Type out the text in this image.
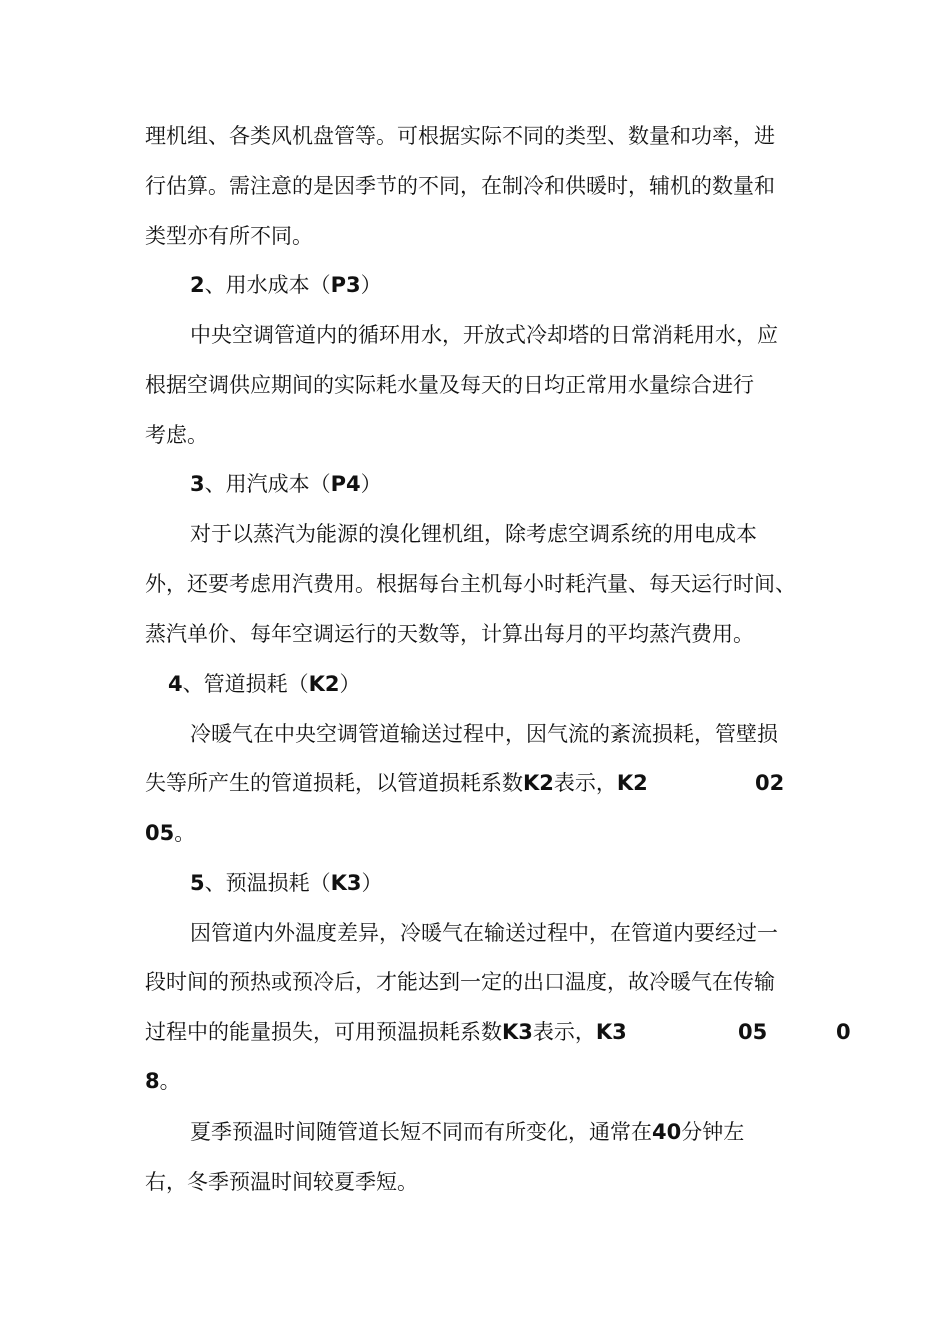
理机组、各类风机盘管等。可根据实际不同的类型、数量和功率，进
行估算。需注意的是因季节的不同，在制冷和供暖时，辅机的数量和
类型亦有所不同。
2、用水成本（P3）
中央空调管道内的循环用水，开放式冷却塔的日常消耗用水，应
根据空调供应期间的实际耗水量及每天的日均正常用水量综合进行
考虑。
3、用汽成本（P4）
对于以蒸汽为能源的溴化锂机组，除考虑空调系统的用电成本
外，还要考虑用汽费用。根据每台主机每小时耗汽量、每天运行时间、
蒸汽单价、每年空调运行的天数等，计算出每月的平均蒸汽费用。
4、管道损耗（K2）
冷暖气在中央空调管道输送过程中，因气流的紊流损耗，管壁损
失等所产生的管道损耗，以管道损耗系数K2表示，K2	02
05。
5、预温损耗（K3）
因管道内外温度差异，冷暖气在输送过程中，在管道内要经过一
段时间的预热或预冷后，才能达到一定的出口温度，故冷暖气在传输
过程中的能量损失，可用预温损耗系数K3表示，K3	05	0
8。
夏季预温时间随管道长短不同而有所变化，通常在40分钟左
右，冬季预温时间较夏季短。
